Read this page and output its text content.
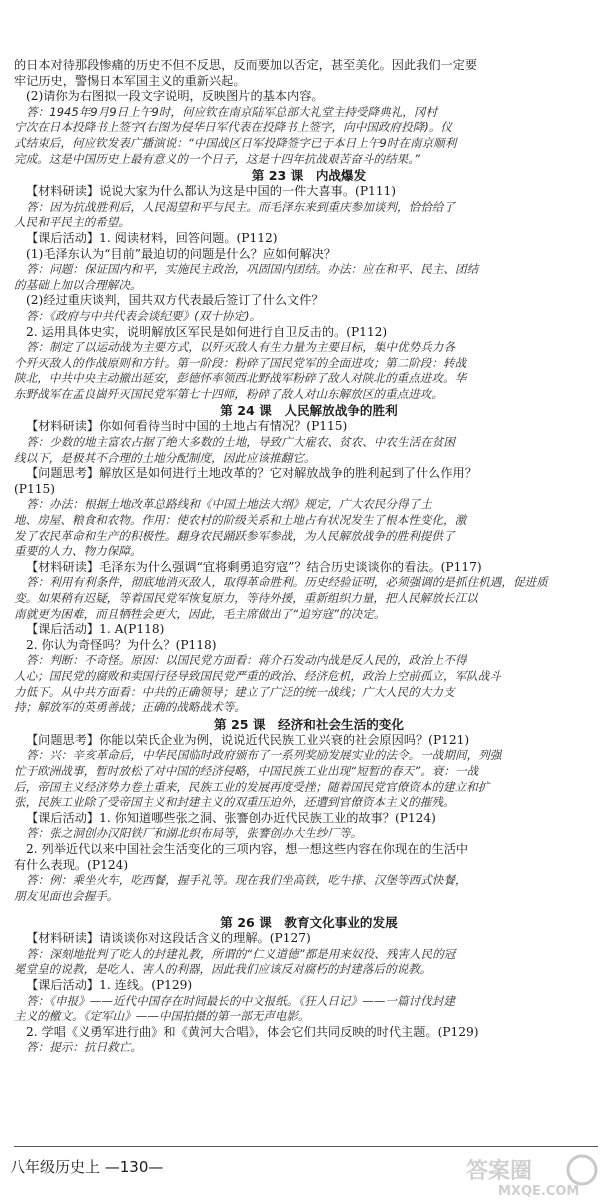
的日本对待那段惨痛的历史不但不反思，反而要加以否定，甚至美化。因此我们一定要
牢记历史，警惕日本军国主义的重新兴起。
(2)请你为右图拟一段文字说明，反映图片的基本内容。
答：1945年9月9日上午9时，何应钦在南京陆军总部大礼堂主持受降典礼，冈村
宁次在日本投降书上签字(右图为侵华日军代表在投降书上签字，向中国政府投降)。仪
式结束后，何应钦发表广播演说：“中国战区日军投降签字已于本日上午9时在南京顺利
完成。这是中国历史上最有意义的一个日子，这是十四年抗战艰苦奋斗的结果。”
第 23 课　内战爆发
【材料研读】说说大家为什么都认为这是中国的一件大喜事。(P111)
答：因为抗战胜利后，人民渴望和平与民主。而毛泽东来到重庆参加谈判，恰恰给了
人民和平民主的希望。
【课后活动】1. 阅读材料，回答问题。(P112)
(1)毛泽东认为“目前”最迫切的问题是什么？应如何解决？
答：问题：保证国内和平，实施民主政治，巩固国内团结。办法：应在和平、民主、团结
的基础上加以合理解决。
(2)经过重庆谈判，国共双方代表最后签订了什么文件？
答：《政府与中共代表会谈纪要》(双十协定)。
2. 运用具体史实，说明解放区军民是如何进行自卫反击的。(P112)
答：制定了以运动战为主要方式，以歼灭敌人有生力量为主要目标，集中优势兵力各
个歼灭敌人的作战原则和方针。第一阶段：粉碎了国民党军的全面进攻；第二阶段：转战
陕北，中共中央主动撤出延安，彭德怀率领西北野战军粉碎了敌人对陕北的重点进攻。华
东野战军在孟良崮歼灭国民党军第七十四师，粉碎了敌人对山东解放区的重点进攻。
第 24 课　人民解放战争的胜利
【材料研读】你如何看待当时中国的土地占有情况？(P115)
答：少数的地主富农占据了绝大多数的土地，导致广大雇农、贫农、中农生活在贫困
线以下，是极其不合理的土地分配制度，因此应该推翻它。
【问题思考】解放区是如何进行土地改革的？它对解放战争的胜利起到了什么作用？
(P115)
答：办法：根据土地改革总路线和《中国土地法大纲》规定，广大农民分得了土
地、房屋、粮食和农物。作用：使农村的阶级关系和土地占有状况发生了根本性变化，激
发了农民革命和生产的积极性。翻身农民踊跃参军参战，为人民解放战争的胜利提供了
重要的人力、物力保障。
【材料研读】毛泽东为什么强调“宜将剩勇追穷寇”？结合历史谈谈你的看法。(P117)
答：利用有利条件，彻底地消灭敌人，取得革命胜利。历史经验证明，必须强调的是抓住机遇，促进质
变。如果稍有迟疑，等着国民党军恢复原力，等待外援，重新组织力量，把人民解放长江以
南就更为困难，而且牺牲会更大，因此，毛主席做出了“追穷寇”的决定。
【课后活动】1. A(P118)
2. 你认为奇怪吗？为什么？(P118)
答：判断：不奇怪。原因：以国民党方面看：蒋介石发动内战是反人民的，政治上不得
人心；国民党的腐败和卖国行径导致国民党严重的政治、经济危机，政治上空前孤立，军队战斗
力低下。从中共方面看：中共的正确领导；建立了广泛的统一战线；广大人民的大力支
持；解放军的英勇善战；正确的战略战术等。
第 25 课　经济和社会生活的变化
【问题思考】你能以荣氏企业为例，说说近代民族工业兴衰的社会原因吗？(P121)
答：兴：辛亥革命后，中华民国临时政府颁布了一系列奖励发展实业的法令。一战期间，列强
忙于欧洲战事，暂时放松了对中国的经济侵略，中国民族工业出现“短暂的春天”。衰：一战
后，帝国主义经济势力卷土重来，民族工业的发展再度受挫；随着国民党官僚资本的建立和扩
张，民族工业除了受帝国主义和封建主义的双重压迫外，还遭到官僚资本主义的摧残。
【课后活动】1. 你知道哪些张之洞、张謇创办近代民族工业的故事？(P124)
答：张之洞创办汉阳铁厂和湖北织布局等，张謇创办大生纱厂等。
2. 列举近代以来中国社会生活变化的三项内容，想一想这些内容在你现在的生活中
有什么表现。(P124)
答：例：乘坐火车，吃西餐，握手礼等。现在我们坐高铁，吃牛排、汉堡等西式快餐，
朋友见面也会握手。
第 26 课　教育文化事业的发展
【材料研读】请谈谈你对这段话含义的理解。(P127)
答：深刻地批判了吃人的封建礼教，所谓的“仁义道德”都是用来奴役、残害人民的冠
冕堂皇的说教，是吃人、害人的利器，因此我们应该反对腐朽的封建落后的说教。
【课后活动】1. 连线。(P129)
答：《申报》——近代中国存在时间最长的中文报纸。《狂人日记》——一篇讨伐封建
主义的檄文。《定军山》——中国拍摄的第一部无声电影。
2. 学唱《义勇军进行曲》和《黄河大合唱》，体会它们共同反映的时代主题。(P129)
答：提示：抗日救亡。
八年级历史上 —130—	答案圈
MXQE.COM
